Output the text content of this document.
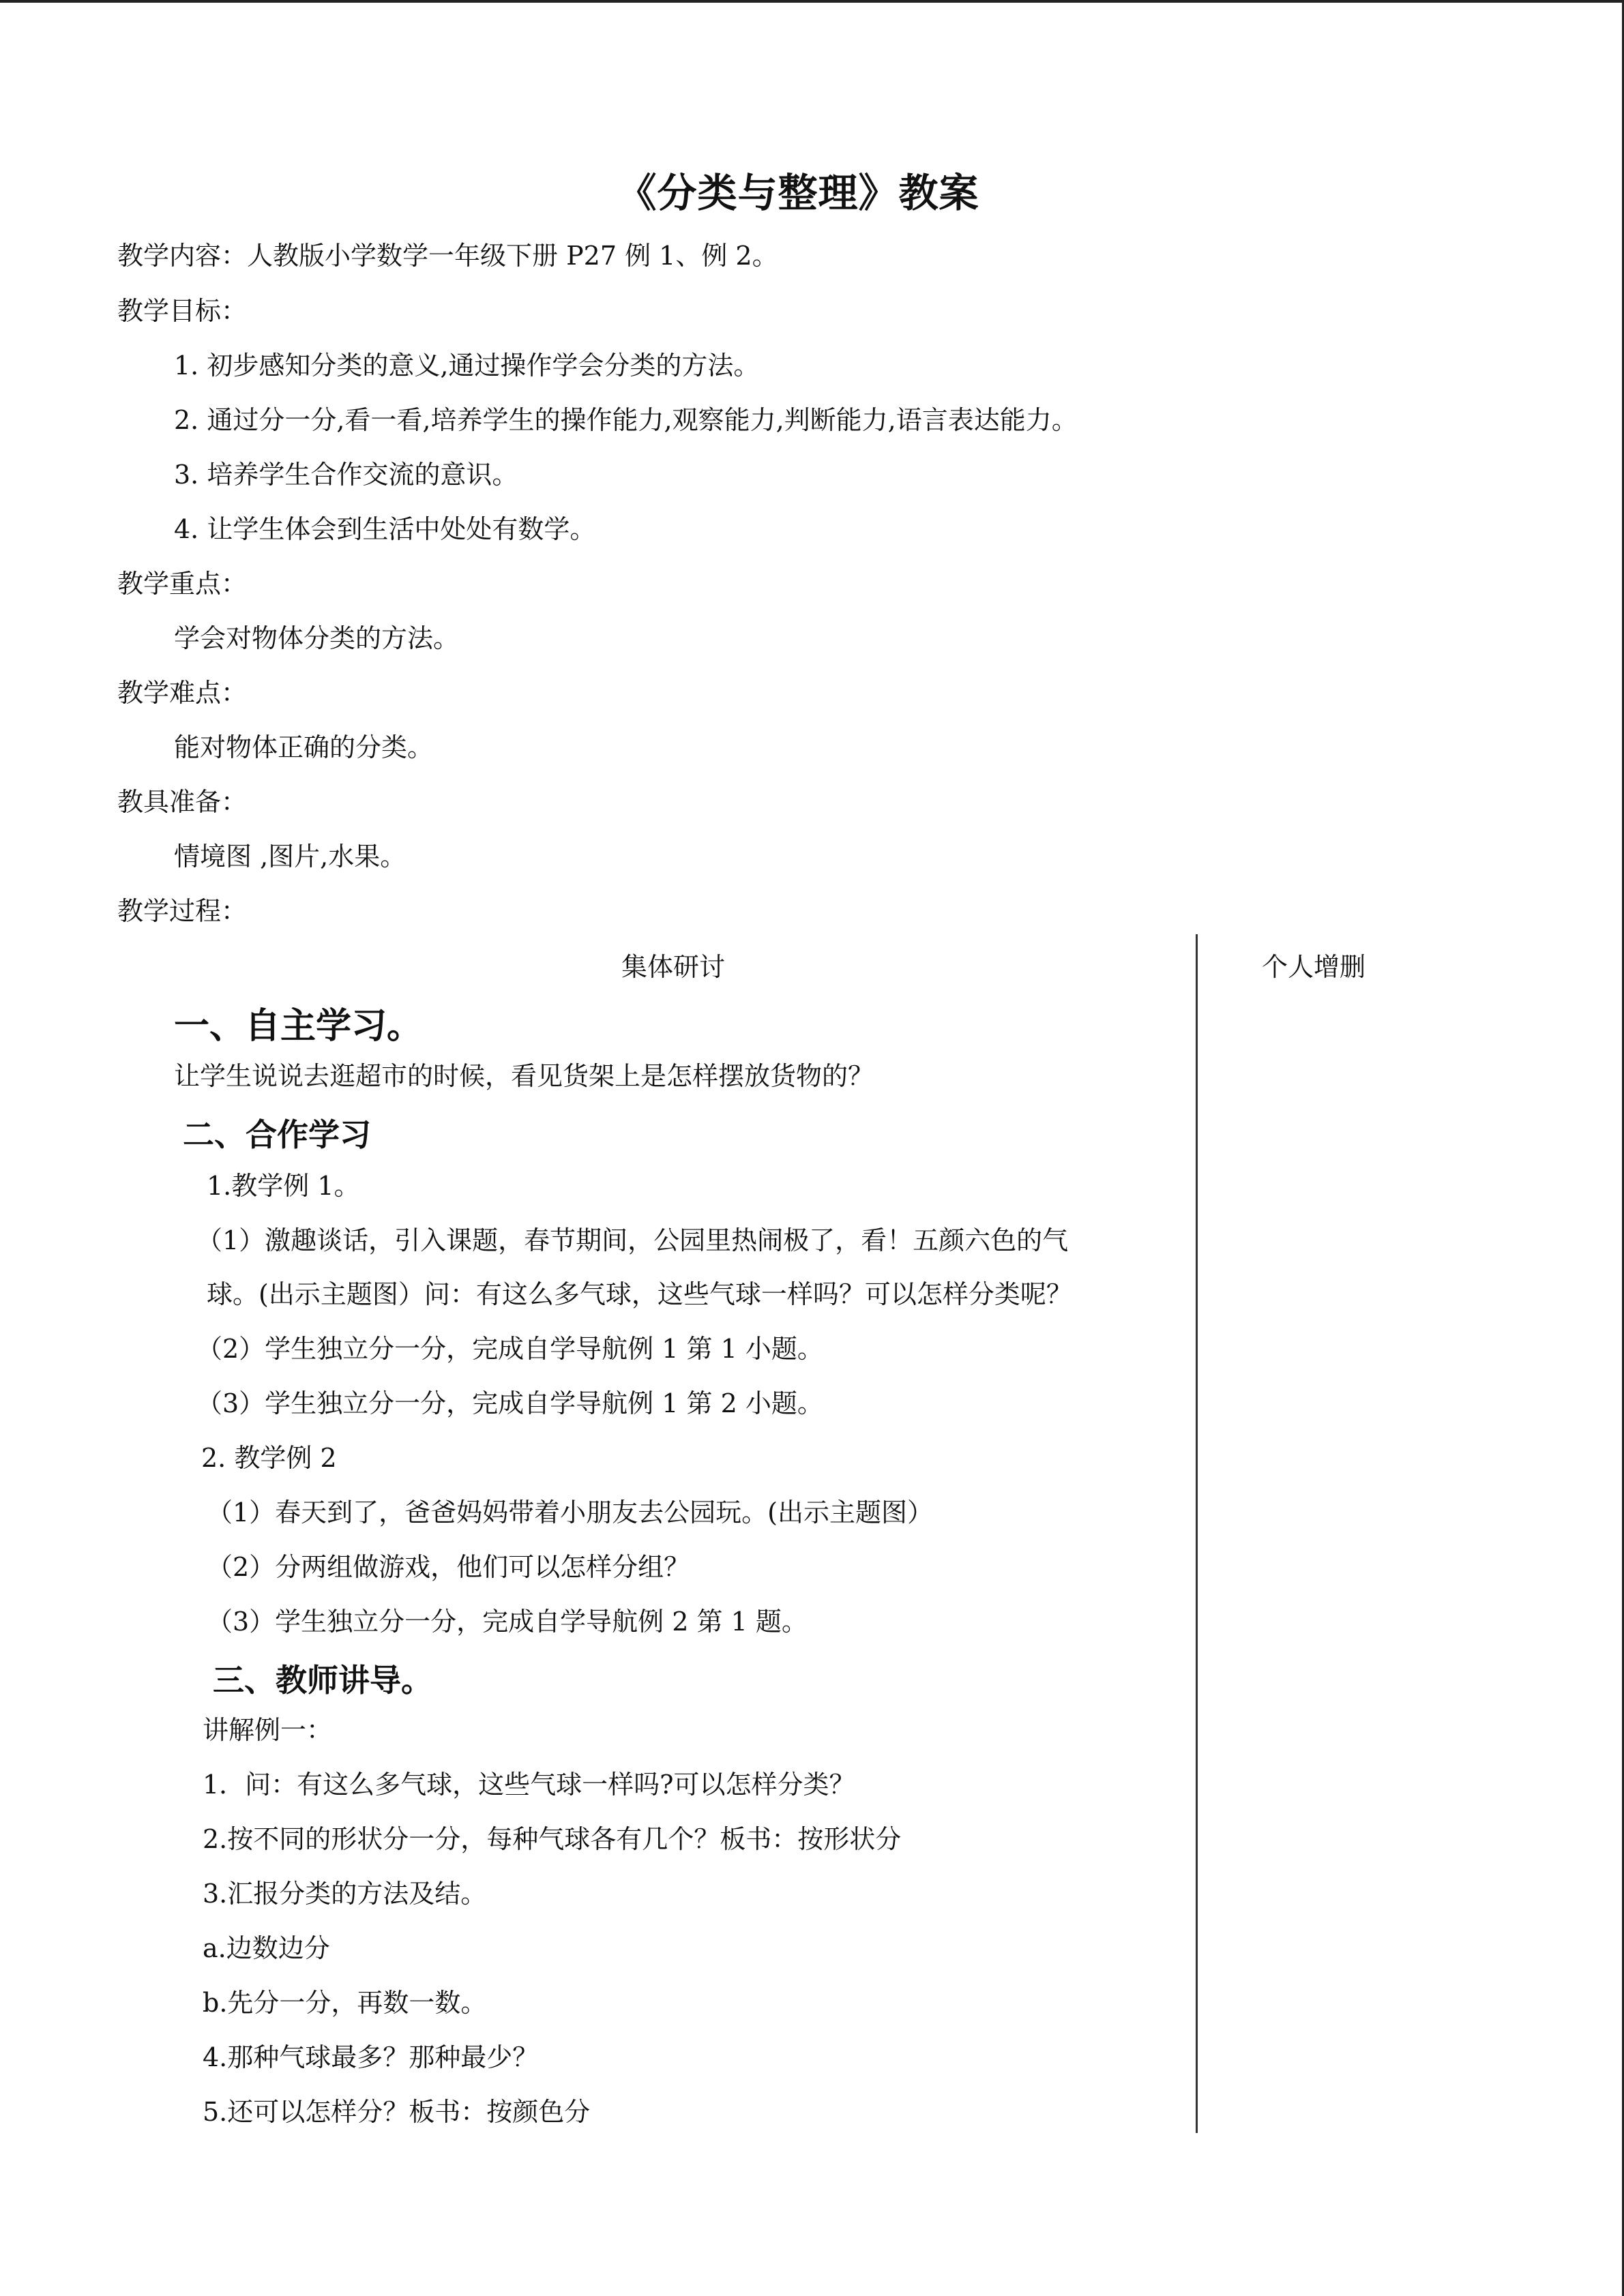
《分类与整理》教案
教学内容：人教版小学数学一年级下册 P27 例 1、例 2。
教学目标：
1. 初步感知分类的意义,通过操作学会分类的方法。
2. 通过分一分,看一看,培养学生的操作能力,观察能力,判断能力,语言表达能力。
3. 培养学生合作交流的意识。
4. 让学生体会到生活中处处有数学。
教学重点：
学会对物体分类的方法。
教学难点：
能对物体正确的分类。
教具准备：
情境图 ,图片,水果。
教学过程：
集体研讨	个人增删
一、自主学习。
让学生说说去逛超市的时候，看见货架上是怎样摆放货物的？
二、合作学习
1.教学例 1。
（1）激趣谈话，引入课题，春节期间，公园里热闹极了，看！五颜六色的气
球。(出示主题图）问：有这么多气球，这些气球一样吗？可以怎样分类呢？
（2）学生独立分一分，完成自学导航例 1 第 1 小题。
（3）学生独立分一分，完成自学导航例 1 第 2 小题。
2. 教学例 2
（1）春天到了，爸爸妈妈带着小朋友去公园玩。(出示主题图）
（2）分两组做游戏，他们可以怎样分组？
（3）学生独立分一分，完成自学导航例 2 第 1 题。
三、教师讲导。
讲解例一：
1．问：有这么多气球，这些气球一样吗?可以怎样分类？
2.按不同的形状分一分，每种气球各有几个？板书：按形状分
3.汇报分类的方法及结。
a.边数边分
b.先分一分，再数一数。
4.那种气球最多？那种最少？
5.还可以怎样分？板书：按颜色分
